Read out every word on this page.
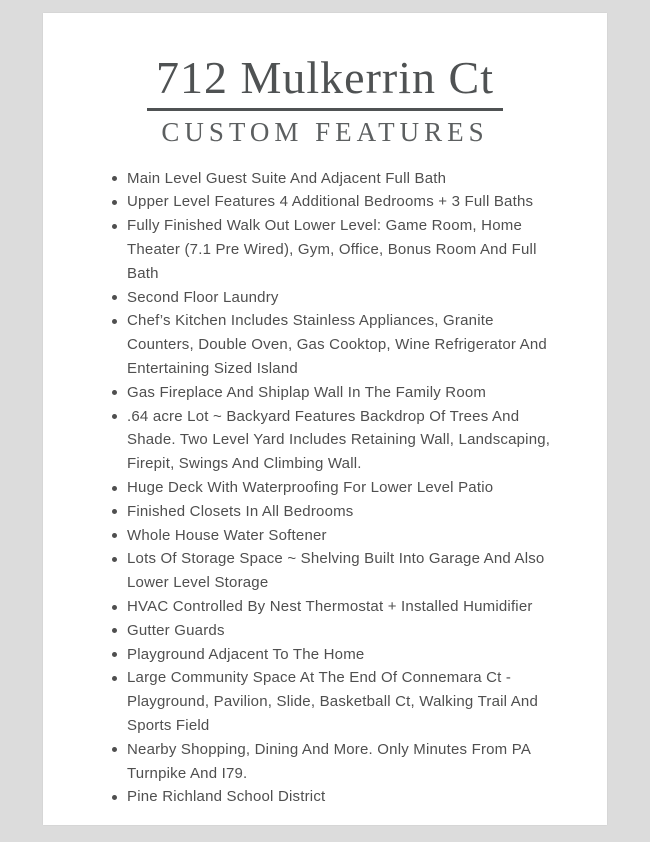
712 Mulkerrin Ct
CUSTOM FEATURES
Main Level Guest Suite And Adjacent Full Bath
Upper Level Features 4 Additional Bedrooms + 3 Full Baths
Fully Finished Walk Out Lower Level: Game Room, Home Theater (7.1 Pre Wired), Gym, Office, Bonus Room And Full Bath
Second Floor Laundry
Chef’s Kitchen Includes Stainless Appliances, Granite Counters, Double Oven, Gas Cooktop, Wine Refrigerator And Entertaining Sized Island
Gas Fireplace And Shiplap Wall In The Family Room
.64 acre Lot ~ Backyard Features Backdrop Of Trees And Shade. Two Level Yard Includes Retaining Wall, Landscaping, Firepit, Swings And Climbing Wall.
Huge Deck With Waterproofing For Lower Level Patio
Finished Closets In All Bedrooms
Whole House Water Softener
Lots Of Storage Space ~ Shelving Built Into Garage And Also Lower Level Storage
HVAC Controlled By Nest Thermostat + Installed Humidifier
Gutter Guards
Playground Adjacent To The Home
Large Community Space At The End Of Connemara Ct - Playground, Pavilion, Slide, Basketball Ct, Walking Trail And Sports Field
Nearby Shopping, Dining And More. Only Minutes From PA Turnpike And I79.
Pine Richland School District
